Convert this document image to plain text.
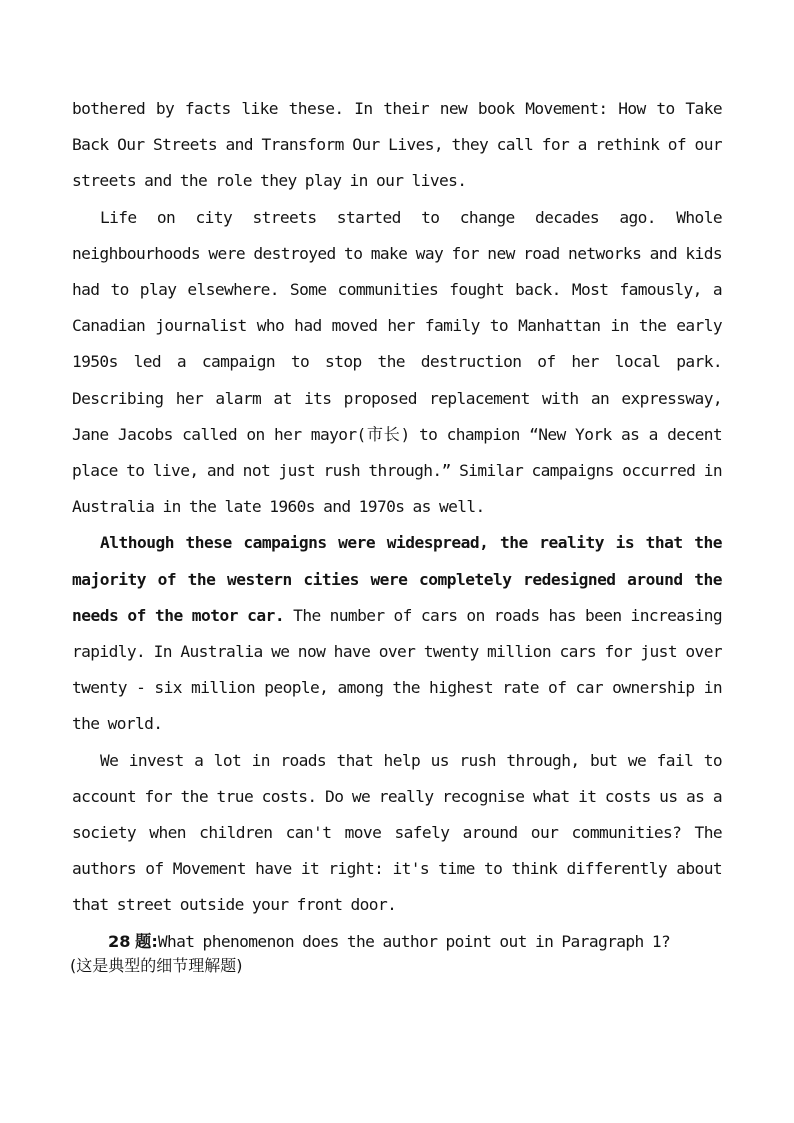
bothered by facts like these. In their new book Movement: How to Take Back Our Streets and Transform Our Lives, they call for a rethink of our streets and the role they play in our lives.

Life on city streets started to change decades ago. Whole neighbourhoods were destroyed to make way for new road networks and kids had to play elsewhere. Some communities fought back. Most famously, a Canadian journalist who had moved her family to Manhattan in the early 1950s led a campaign to stop the destruction of her local park. Describing her alarm at its proposed replacement with an expressway, Jane Jacobs called on her mayor(市长) to champion “New York as a decent place to live, and not just rush through.” Similar campaigns occurred in Australia in the late 1960s and 1970s as well.

Although these campaigns were widespread, the reality is that the majority of the western cities were completely redesigned around the needs of the motor car. The number of cars on roads has been increasing rapidly. In Australia we now have over twenty million cars for just over twenty - six million people, among the highest rate of car ownership in the world.

We invest a lot in roads that help us rush through, but we fail to account for the true costs. Do we really recognise what it costs us as a society when children can't move safely around our communities? The authors of Movement have it right: it's time to think differently about that street outside your front door.

28 题:What phenomenon does the author point out in Paragraph 1?

(这是典型的细节理解题)
